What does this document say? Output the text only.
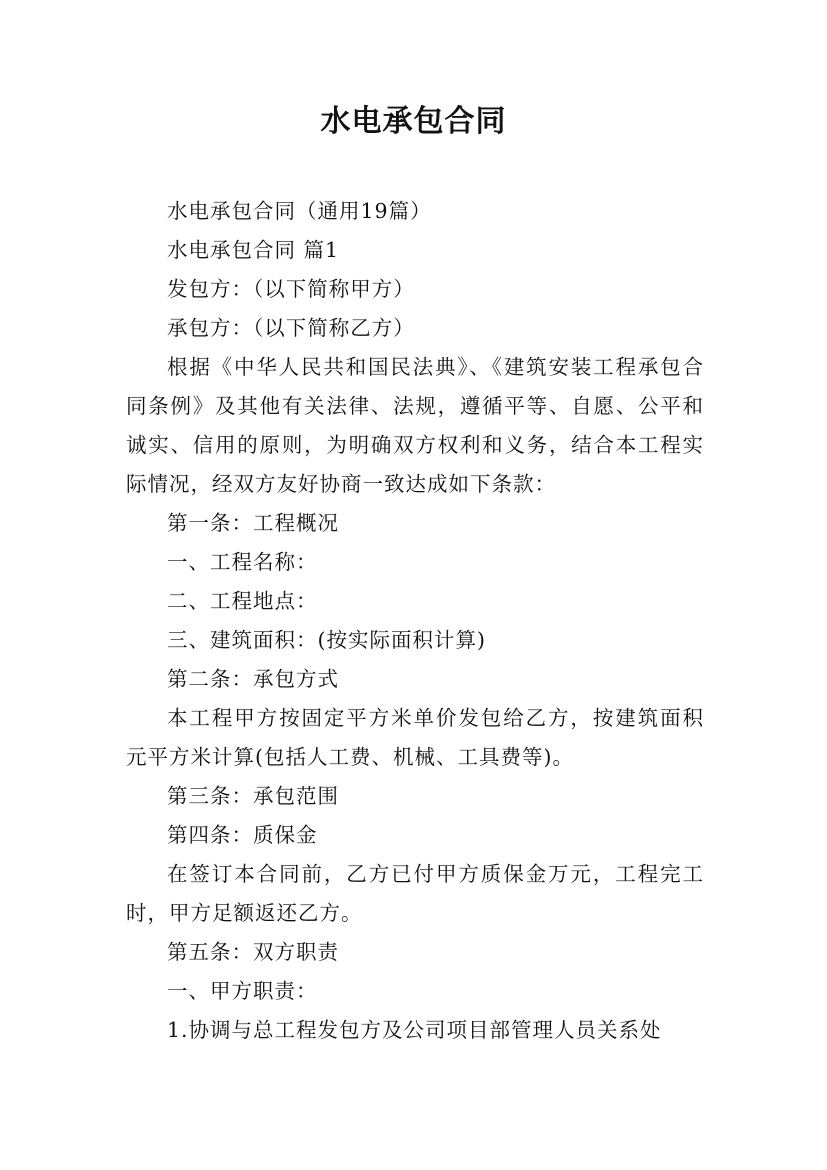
水电承包合同

水电承包合同（通用19篇）

水电承包合同 篇1

发包方：（以下简称甲方）

承包方：（以下简称乙方）

根据《中华人民共和国民法典》、《建筑安装工程承包合同条例》及其他有关法律、法规，遵循平等、自愿、公平和诚实、信用的原则，为明确双方权利和义务，结合本工程实际情况，经双方友好协商一致达成如下条款：

第一条：工程概况

一、工程名称：

二、工程地点：

三、建筑面积：(按实际面积计算)

第二条：承包方式

本工程甲方按固定平方米单价发包给乙方，按建筑面积元平方米计算(包括人工费、机械、工具费等)。

第三条：承包范围

第四条：质保金

在签订本合同前，乙方已付甲方质保金万元，工程完工时，甲方足额返还乙方。

第五条：双方职责

一、甲方职责：

1.协调与总工程发包方及公司项目部管理人员关系处
